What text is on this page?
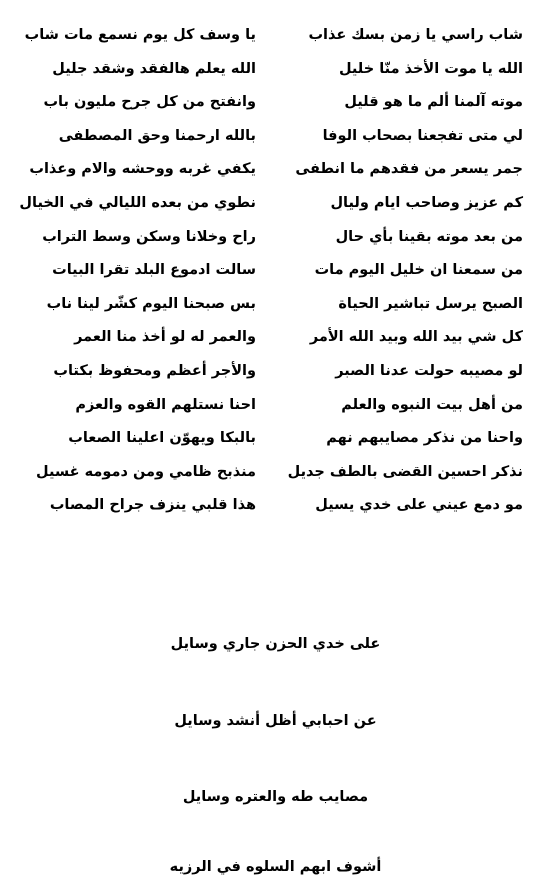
شاب راسي يا زمن بسك عذاب
يا وسف كل يوم نسمع مات شاب
الله يا موت الأخذ منّا خليل
الله يعلم هالفقد وشقد جليل
موته آلمنا ألم ما هو قليل
وانفتح من كل جرح مليون باب
لي متى تفجعنا بصحاب الوفا
بالله ارحمنا وحق المصطفى
جمر يسعر من فقدهم ما انطفى
يكفي غربه ووحشه والام وعذاب
كم عزيز وصاحب ايام وليال
نطوي من بعده الليالي في الخيال
من بعد موته بقينا بأي حال
راح وخلانا وسكن وسط التراب
من سمعنا ان خليل اليوم مات
سالت ادموع البلد تقرا البيات
الصبح يرسل تباشير الحياة
بس صبحنا اليوم كشّر لينا ناب
كل شي بيد الله وبيد الله الأمر
والعمر له لو أخذ منا العمر
لو مصيبه حولت عدنا الصبر
والأجر أعظم ومحفوظ بكتاب
من أهل بيت النبوه والعلم
احنا نستلهم القوه والعزم
واحنا من نذكر مصايبهم نهم
بالبكا ويهوّن اعلينا الصعاب
نذكر احسين القضى بالطف جديل
منذبح ظامي ومن دمومه غسيل
مو دمع عيني على خدي يسيل
هذا قلبي ينزف جراح المصاب
على خدي الحزن جاري وسايل
عن احبابي أظل أنشد وسايل
مصايب طه والعتره وسايل
أشوف ابهم السلوه في الرزيه
